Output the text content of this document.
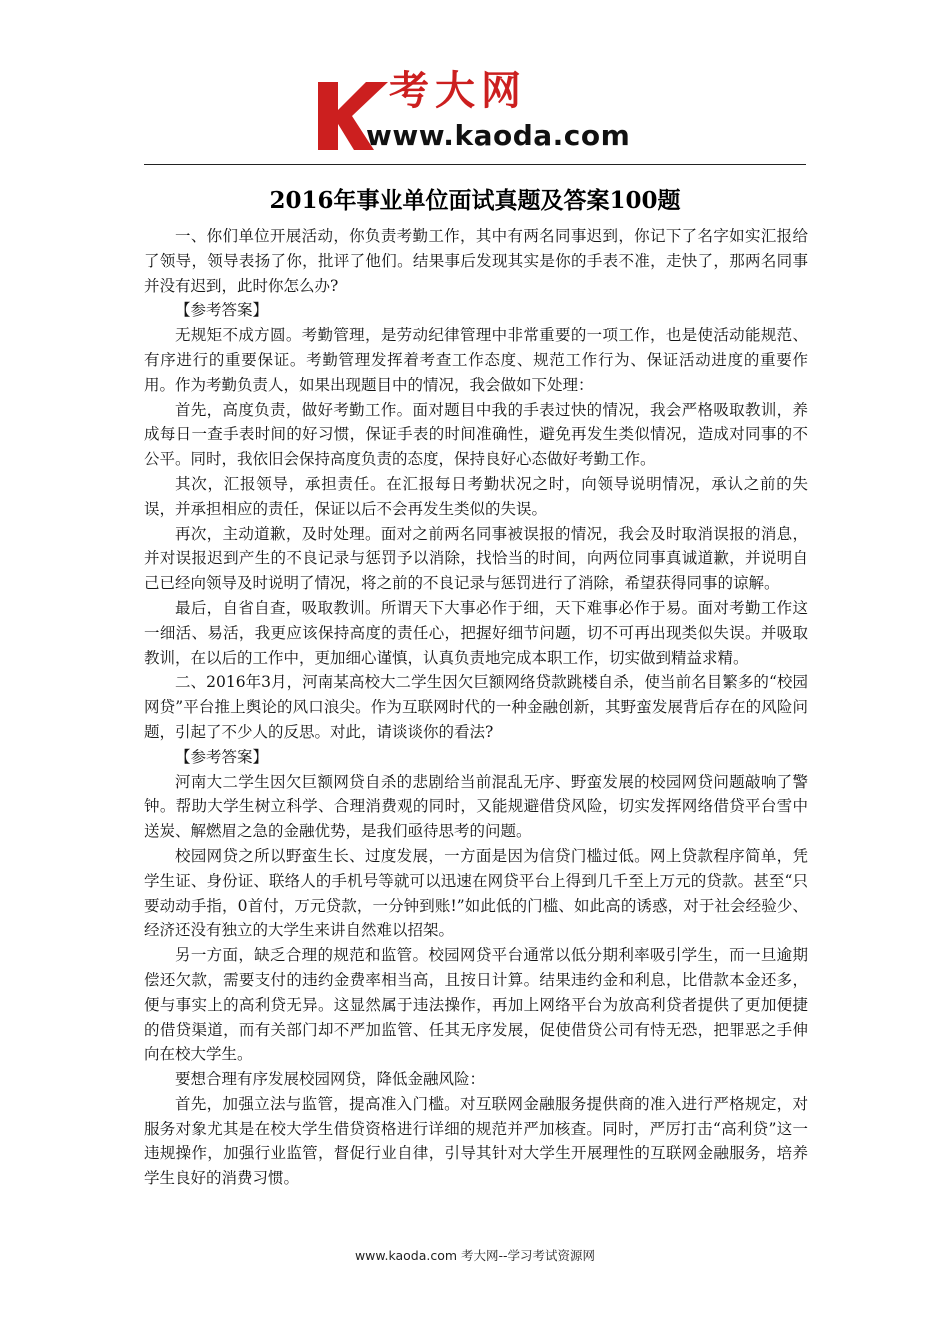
考大网
www.kaoda.com
2016年事业单位面试真题及答案100题

一、你们单位开展活动，你负责考勤工作，其中有两名同事迟到，你记下了名字如实汇报给了领导，领导表扬了你，批评了他们。结果事后发现其实是你的手表不准，走快了，那两名同事并没有迟到，此时你怎么办?

【参考答案】

无规矩不成方圆。考勤管理，是劳动纪律管理中非常重要的一项工作，也是使活动能规范、有序进行的重要保证。考勤管理发挥着考查工作态度、规范工作行为、保证活动进度的重要作用。作为考勤负责人，如果出现题目中的情况，我会做如下处理：

首先，高度负责，做好考勤工作。面对题目中我的手表过快的情况，我会严格吸取教训，养成每日一查手表时间的好习惯，保证手表的时间准确性，避免再发生类似情况，造成对同事的不公平。同时，我依旧会保持高度负责的态度，保持良好心态做好考勤工作。

其次，汇报领导，承担责任。在汇报每日考勤状况之时，向领导说明情况，承认之前的失误，并承担相应的责任，保证以后不会再发生类似的失误。

再次，主动道歉，及时处理。面对之前两名同事被误报的情况，我会及时取消误报的消息，并对误报迟到产生的不良记录与惩罚予以消除，找恰当的时间，向两位同事真诚道歉，并说明自己已经向领导及时说明了情况，将之前的不良记录与惩罚进行了消除，希望获得同事的谅解。

最后，自省自查，吸取教训。所谓天下大事必作于细，天下难事必作于易。面对考勤工作这一细活、易活，我更应该保持高度的责任心，把握好细节问题，切不可再出现类似失误。并吸取教训，在以后的工作中，更加细心谨慎，认真负责地完成本职工作，切实做到精益求精。

二、2016年3月，河南某高校大二学生因欠巨额网络贷款跳楼自杀，使当前名目繁多的“校园网贷”平台推上舆论的风口浪尖。作为互联网时代的一种金融创新，其野蛮发展背后存在的风险问题，引起了不少人的反思。对此，请谈谈你的看法?

【参考答案】

河南大二学生因欠巨额网贷自杀的悲剧给当前混乱无序、野蛮发展的校园网贷问题敲响了警钟。帮助大学生树立科学、合理消费观的同时，又能规避借贷风险，切实发挥网络借贷平台雪中送炭、解燃眉之急的金融优势，是我们亟待思考的问题。

校园网贷之所以野蛮生长、过度发展，一方面是因为信贷门槛过低。网上贷款程序简单，凭学生证、身份证、联络人的手机号等就可以迅速在网贷平台上得到几千至上万元的贷款。甚至“只要动动手指，0首付，万元贷款，一分钟到账!”如此低的门槛、如此高的诱惑，对于社会经验少、经济还没有独立的大学生来讲自然难以招架。

另一方面，缺乏合理的规范和监管。校园网贷平台通常以低分期利率吸引学生，而一旦逾期偿还欠款，需要支付的违约金费率相当高，且按日计算。结果违约金和利息，比借款本金还多，便与事实上的高利贷无异。这显然属于违法操作，再加上网络平台为放高利贷者提供了更加便捷的借贷渠道，而有关部门却不严加监管、任其无序发展，促使借贷公司有恃无恐，把罪恶之手伸向在校大学生。

要想合理有序发展校园网贷，降低金融风险：

首先，加强立法与监管，提高准入门槛。对互联网金融服务提供商的准入进行严格规定，对服务对象尤其是在校大学生借贷资格进行详细的规范并严加核查。同时，严厉打击“高利贷”这一违规操作，加强行业监管，督促行业自律，引导其针对大学生开展理性的互联网金融服务，培养学生良好的消费习惯。

www.kaoda.com 考大网--学习考试资源网
